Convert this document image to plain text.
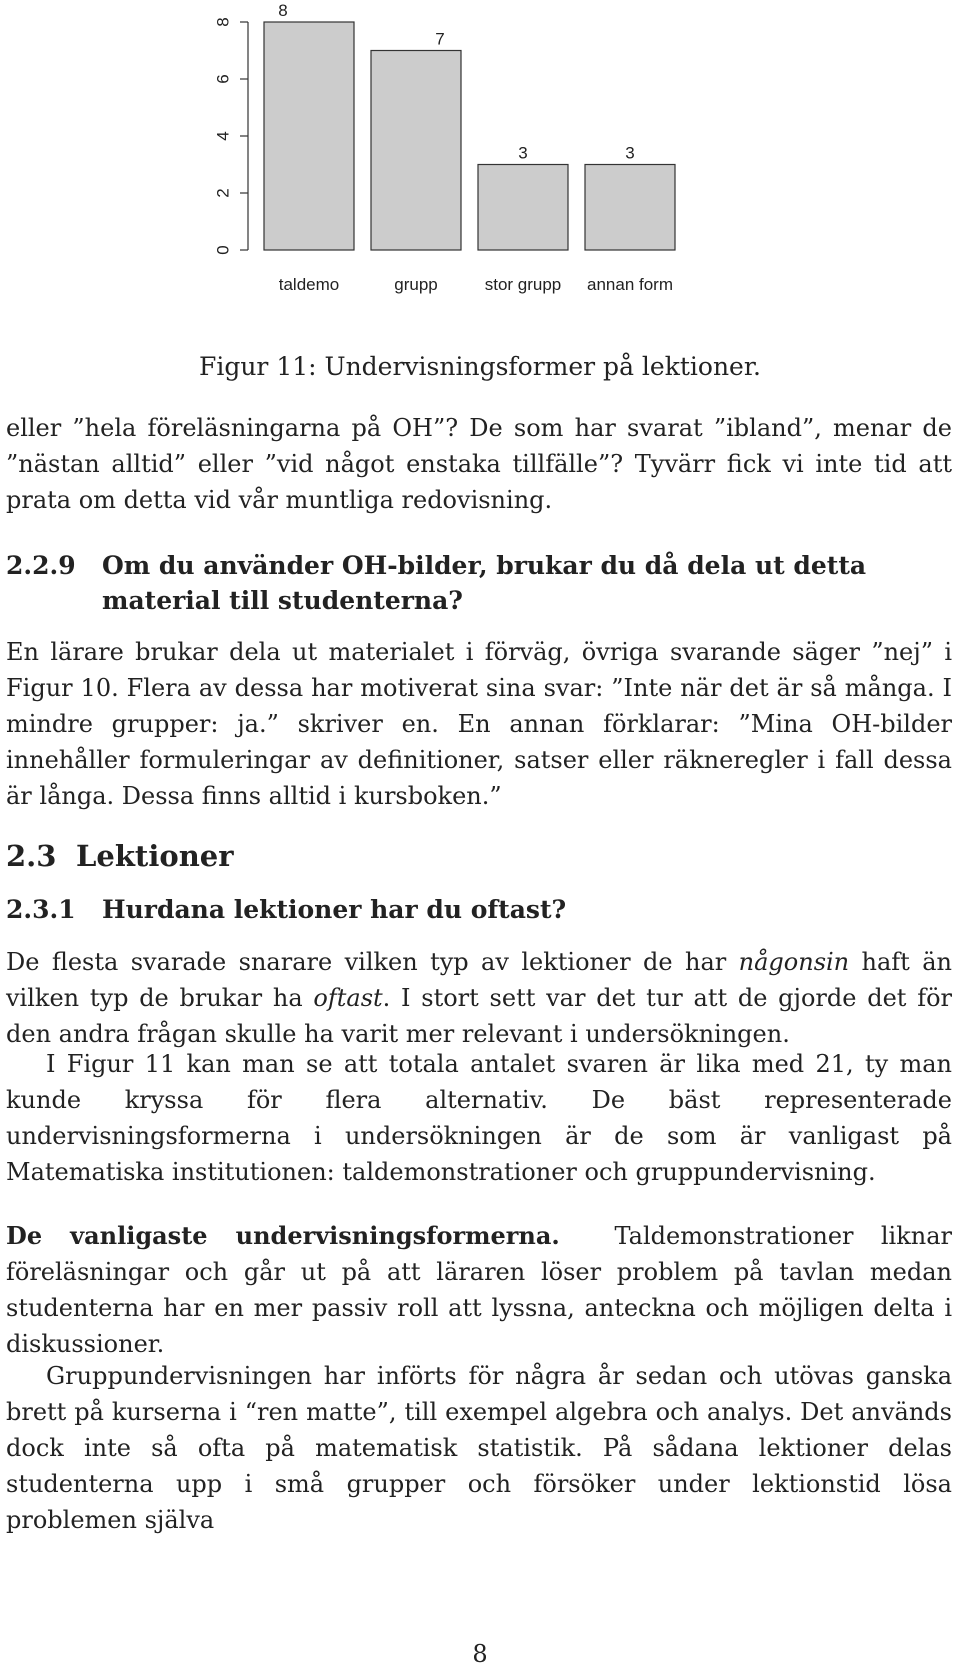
0
2
4
6
8
8
7
3	3
taldemo	grupp	stor grupp annan form
Figur 11: Undervisningsformer på lektioner.

eller ”hela föreläsningarna på OH”? De som har svarat ”ibland”, menar de ”nästan alltid” eller ”vid något enstaka tillfälle”? Tyvärr fick vi inte tid att prata om detta vid vår muntliga redovisning.

2.2.9 Om du använder OH-bilder, brukar du då dela ut detta material till studenterna?

En lärare brukar dela ut materialet i förväg, övriga svarande säger ”nej” i Figur 10. Flera av dessa har motiverat sina svar: ”Inte när det är så många. I mindre grupper: ja.” skriver en. En annan förklarar: ”Mina OH-bilder innehåller formuleringar av definitioner, satser eller räkneregler i fall dessa är långa. Dessa finns alltid i kursboken.”

2.3 Lektioner
2.3.1 Hurdana lektioner har du oftast?

De flesta svarade snarare vilken typ av lektioner de har någonsin haft än vilken typ de brukar ha oftast. I stort sett var det tur att de gjorde det för den andra frågan skulle ha varit mer relevant i undersökningen.

I Figur 11 kan man se att totala antalet svaren är lika med 21, ty man kunde kryssa för flera alternativ. De bäst representerade undervisningsformerna i undersökningen är de som är vanligast på Matematiska institutionen: taldemonstrationer och gruppundervisning.

De vanligaste undervisningsformerna. Taldemonstrationer liknar föreläsningar och går ut på att läraren löser problem på tavlan medan studenterna har en mer passiv roll att lyssna, anteckna och möjligen delta i diskussioner.

Gruppundervisningen har införts för några år sedan och utövas ganska brett på kurserna i “ren matte”, till exempel algebra och analys. Det används dock inte så ofta på matematisk statistik. På sådana lektioner delas studenterna upp i små grupper och försöker under lektionstid lösa problemen själva

8
